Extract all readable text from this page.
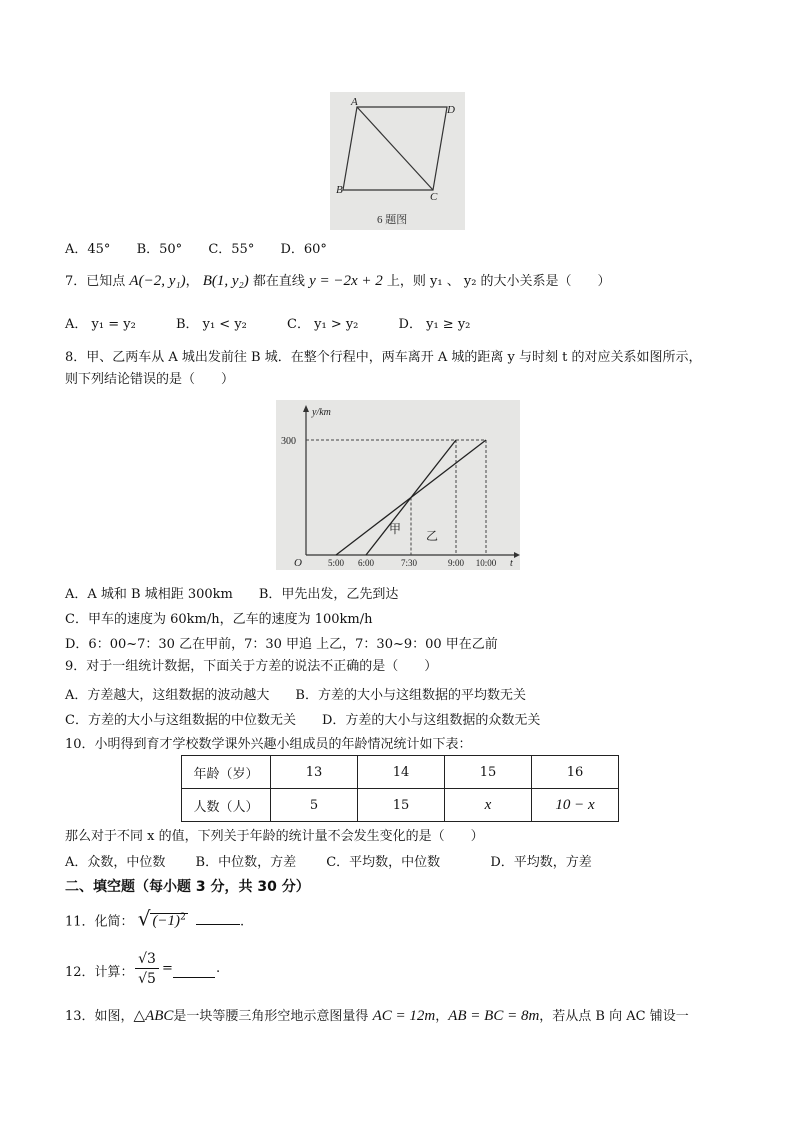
A
D
B
C
6 题图
A．45° B．50° C．55° D．60°
7．已知点 A(−2, y₁)， B(1, y₂) 都在直线 y = −2x + 2 上，则 y₁ 、 y₂ 的大小关系是（　　）
A． y₁ = y₂	B． y₁ < y₂	C． y₁ > y₂	D． y₁ ≥ y₂
8．甲、乙两车从 A 城出发前往 B 城．在整个行程中，两车离开 A 城的距离 y 与时刻 t 的对应关系如图所示，
则下列结论错误的是（　　）
y/km
t
O
300
甲 乙
5:00 6:00	7:30	9:00 10:00
A．A 城和 B 城相距 300km　　B．甲先出发，乙先到达
C．甲车的速度为 60km/h，乙车的速度为 100km/h
D．6：00~7：30 乙在甲前，7：30 甲追 上乙，7：30~9：00 甲在乙前
9．对于一组统计数据，下面关于方差的说法不正确的是（　　）
A．方差越大，这组数据的波动越大　　B．方差的大小与这组数据的平均数无关
C．方差的大小与这组数据的中位数无关　　D．方差的大小与这组数据的众数无关
10．小明得到育才学校数学课外兴趣小组成员的年龄情况统计如下表：
年龄（岁）	13	14	15	16
人数（人）	5	15	x	10 − x
那么对于不同 x 的值，下列关于年龄的统计量不会发生变化的是（　　）
A．众数，中位数 B．中位数，方差 C．平均数，中位数	D．平均数，方差
二、填空题（每小题 3 分，共 30 分）
11．化简： √ $(-1)^2$	.
12．计算：
√3
√5
=	.
13．如图，△ABC是一块等腰三角形空地示意图量得 AC = 12m，AB = BC = 8m，若从点 B 向 AC 铺设一
